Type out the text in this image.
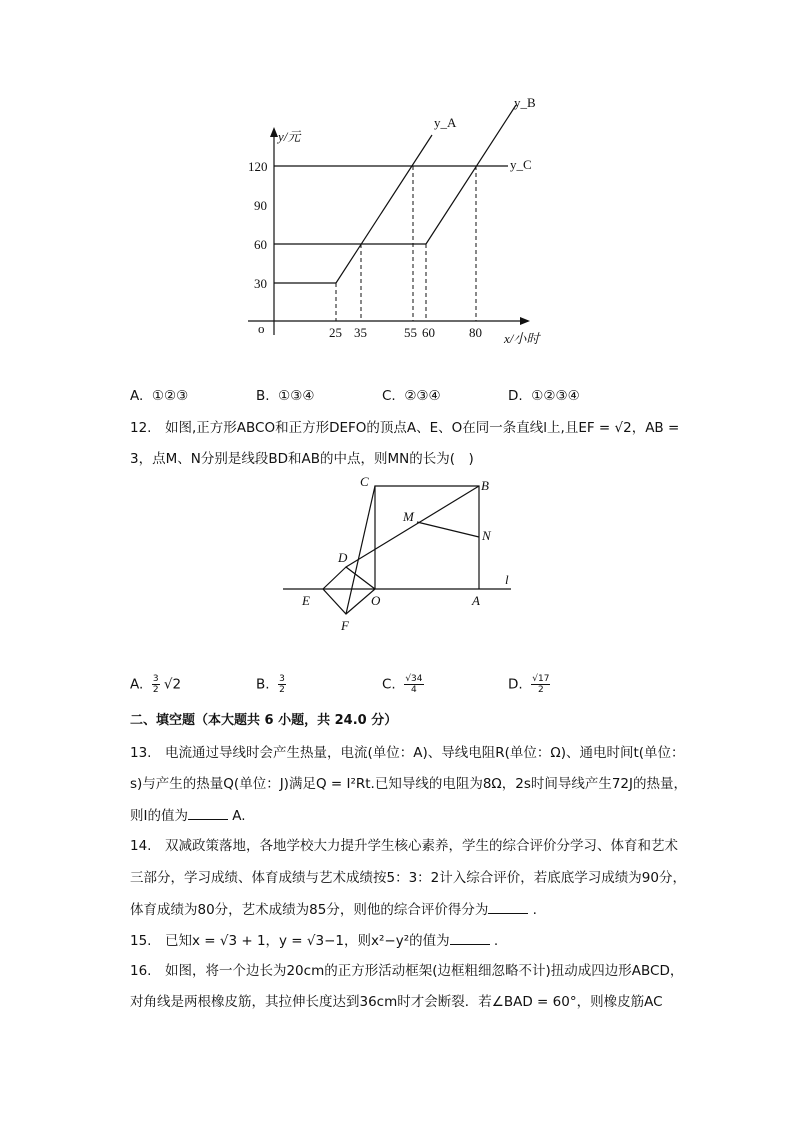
y/元
x/小时
o
30
60
90
120
25 35	55 60	80
y_A
y_B
y_C
A. ①②③	B. ①③④	C. ②③④	D. ①②③④
12.　如图,正方形ABCO和正方形DEFO的顶点A、E、O在同一条直线l上,且EF = √2，AB =
3，点M、N分别是线段BD和AB的中点，则MN的长为(　)
C	B
M
N
D
l
E	O	A
F
A. $\frac{3}{2} √2$	B. $\frac{3}{2}$	C. $\frac{√34}{4}$	D. $\frac{√17}{2}$
二、填空题（本大题共 6 小题，共 24.0 分）
13.　电流通过导线时会产生热量，电流(单位：A)、导线电阻R(单位：Ω)、通电时间t(单位：
s)与产生的热量Q(单位：J)满足Q = I²Rt.已知导线的电阻为8Ω，2s时间导线产生72J的热量，
则I的值为	A.
14.　双减政策落地，各地学校大力提升学生核心素养，学生的综合评价分学习、体育和艺术
三部分，学习成绩、体育成绩与艺术成绩按5：3：2计入综合评价，若底底学习成绩为90分，
体育成绩为80分，艺术成绩为85分，则他的综合评价得分为	.
15.　已知x = √3 + 1，y = √3−1，则x²−y²的值为	.
16.　如图，将一个边长为20cm的正方形活动框架(边框粗细忽略不计)扭动成四边形ABCD，
对角线是两根橡皮筋，其拉伸长度达到36cm时才会断裂．若∠BAD = 60°，则橡皮筋AC
